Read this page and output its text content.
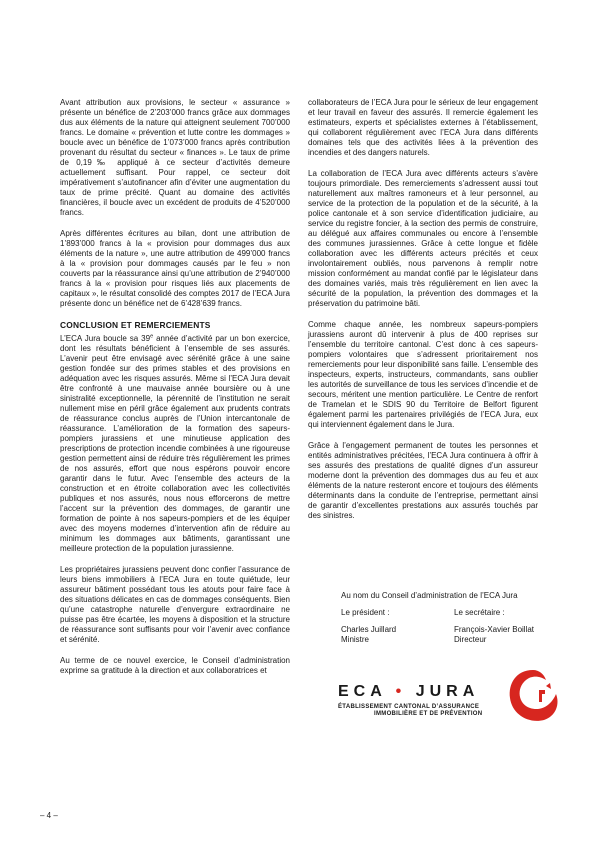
Avant attribution aux provisions, le secteur « assurance » présente un bénéfice de 2’203’000 francs grâce aux dommages dus aux éléments de la nature qui atteignent seulement 700’000 francs. Le domaine « prévention et lutte contre les dommages » boucle avec un bénéfice de 1’073’000 francs après contribution provenant du résultat du secteur « finances ». Le taux de prime de 0,19‰ appliqué à ce secteur d’activités demeure actuellement suffisant. Pour rappel, ce secteur doit impérativement s’autofinancer afin d’éviter une augmentation du taux de prime précité. Quant au domaine des activités financières, il boucle avec un excédent de produits de 4’520’000 francs.

Après différentes écritures au bilan, dont une attribution de 1’893’000 francs à la « provision pour dommages dus aux éléments de la nature », une autre attribution de 499’000 francs à la « provision pour dommages causés par le feu » non couverts par la réassurance ainsi qu’une attribution de 2’940’000 francs à la « provision pour risques liés aux placements de capitaux », le résultat consolidé des comptes 2017 de l’ECA Jura présente donc un bénéfice net de 6’428’639 francs.

CONCLUSION ET REMERCIEMENTS

L’ECA Jura boucle sa 39e année d’activité par un bon exercice, dont les résultats bénéficient à l’ensemble de ses assurés. L’avenir peut être envisagé avec sérénité grâce à une saine gestion fondée sur des primes stables et des provisions en adéquation avec les risques assurés. Même si l’ECA Jura devait être confronté à une mauvaise année boursière ou à une sinistralité exceptionnelle, la pérennité de l’institution ne serait nullement mise en péril grâce également aux prudents contrats de réassurance conclus auprès de l’Union intercantonale de réassurance. L’amélioration de la formation des sapeurs-pompiers jurassiens et une minutieuse application des prescriptions de protection incendie combinées à une rigoureuse gestion permettent ainsi de réduire très régulièrement les primes de nos assurés, effort que nous espérons pouvoir encore garantir dans le futur. Avec l’ensemble des acteurs de la construction et en étroite collaboration avec les collectivités publiques et nos assurés, nous nous efforcerons de mettre l’accent sur la prévention des dommages, de garantir une formation de pointe à nos sapeurs-pompiers et de les équiper avec des moyens modernes d’intervention afin de réduire au minimum les dommages aux bâtiments, garantissant une meilleure protection de la population jurassienne.

Les propriétaires jurassiens peuvent donc confier l’assurance de leurs biens immobiliers à l’ECA Jura en toute quiétude, leur assureur bâtiment possédant tous les atouts pour faire face à des situations délicates en cas de dommages conséquents. Bien qu’une catastrophe naturelle d’envergure extraordinaire ne puisse pas être écartée, les moyens à disposition et la structure de réassurance sont suffisants pour voir l’avenir avec confiance et sérénité.

Au terme de ce nouvel exercice, le Conseil d’administration exprime sa gratitude à la direction et aux collaboratrices et

collaborateurs de l’ECA Jura pour le sérieux de leur engagement et leur travail en faveur des assurés. Il remercie également les estimateurs, experts et spécialistes externes à l’établissement, qui collaborent régulièrement avec l’ECA Jura dans différents domaines tels que des activités liées à la prévention des incendies et des dangers naturels.

La collaboration de l’ECA Jura avec différents acteurs s’avère toujours primordiale. Des remerciements s’adressent aussi tout naturellement aux maîtres ramoneurs et à leur personnel, au service de la protection de la population et de la sécurité, à la police cantonale et à son service d’identification judiciaire, au service du registre foncier, à la section des permis de construire, au délégué aux affaires communales ou encore à l’ensemble des communes jurassiennes. Grâce à cette longue et fidèle collaboration avec les différents acteurs précités et ceux involontairement oubliés, nous parvenons à remplir notre mission conformément au mandat confié par le législateur dans des domaines variés, mais très régulièrement en lien avec la sécurité de la population, la prévention des dommages et la préservation du patrimoine bâti.

Comme chaque année, les nombreux sapeurs-pompiers jurassiens auront dû intervenir à plus de 400 reprises sur l’ensemble du territoire cantonal. C’est donc à ces sapeurs-pompiers volontaires que s’adressent prioritairement nos remerciements pour leur disponibilité sans faille. L’ensemble des inspecteurs, experts, instructeurs, commandants, sans oublier les autorités de surveillance de tous les services d’incendie et de secours, méritent une mention particulière. Le Centre de renfort de Tramelan et le SDIS 90 du Territoire de Belfort figurent également parmi les partenaires privilégiés de l’ECA Jura, eux qui interviennent également dans le Jura.

Grâce à l’engagement permanent de toutes les personnes et entités administratives précitées, l’ECA Jura continuera à offrir à ses assurés des prestations de qualité dignes d’un assureur moderne dont la prévention des dommages dus au feu et aux éléments de la nature resteront encore et toujours des éléments déterminants dans la conduite de l’entreprise, permettant ainsi de garantir d’excellentes prestations aux assurés touchés par des sinistres.

Au nom du Conseil d’administration de l’ECA Jura
Le président :	Le secrétaire :
Charles Juillard
Ministre
François-Xavier Boillat
Directeur
ECA • JURA
ÉTABLISSEMENT CANTONAL D’ASSURANCE
IMMOBILIÈRE ET DE PRÉVENTION
– 4 –
